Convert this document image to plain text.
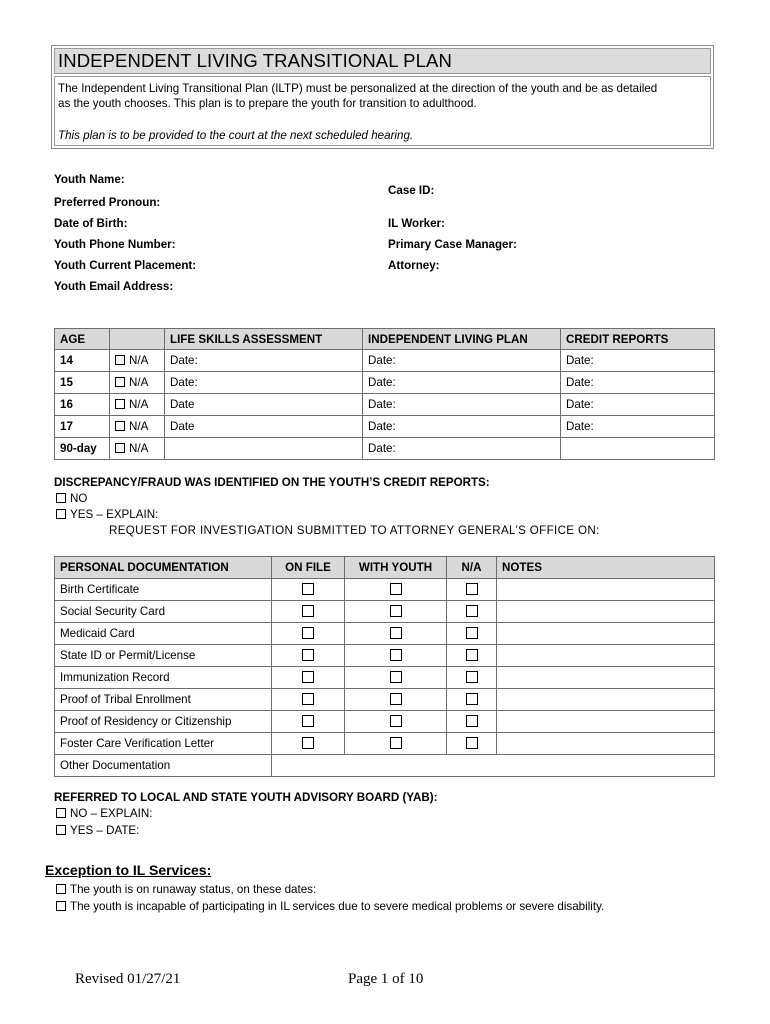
INDEPENDENT LIVING TRANSITIONAL PLAN
The Independent Living Transitional Plan (ILTP) must be personalized at the direction of the youth and be as detailed
as the youth chooses. This plan is to prepare the youth for transition to adulthood.
This plan is to be provided to the court at the next scheduled hearing.
Youth Name:
Preferred Pronoun:
Date of Birth:
Youth Phone Number:
Youth Current Placement:
Youth Email Address:
Case ID:
IL Worker:
Primary Case Manager:
Attorney:
AGE		LIFE SKILLS ASSESSMENT	INDEPENDENT LIVING PLAN	CREDIT REPORTS
14	N/A	Date:	Date:	Date:
15	N/A	Date:	Date:	Date:
16	N/A	Date	Date:	Date:
17	N/A	Date	Date:	Date:
90-day	N/A		Date:	
DISCREPANCY/FRAUD WAS IDENTIFIED ON THE YOUTH’S CREDIT REPORTS:
NO
YES – EXPLAIN:
REQUEST FOR INVESTIGATION SUBMITTED TO ATTORNEY GENERAL’S OFFICE ON:
PERSONAL DOCUMENTATION	ON FILE	WITH YOUTH	N/A	NOTES
Birth Certificate				
Social Security Card				
Medicaid Card				
State ID or Permit/License				
Immunization Record				
Proof of Tribal Enrollment				
Proof of Residency or Citizenship				
Foster Care Verification Letter				
Other Documentation				
REFERRED TO LOCAL AND STATE YOUTH ADVISORY BOARD (YAB):
NO – EXPLAIN:
YES – DATE:
Exception to IL Services:
The youth is on runaway status, on these dates:
The youth is incapable of participating in IL services due to severe medical problems or severe disability.
Revised 01/27/21	Page 1 of 10
